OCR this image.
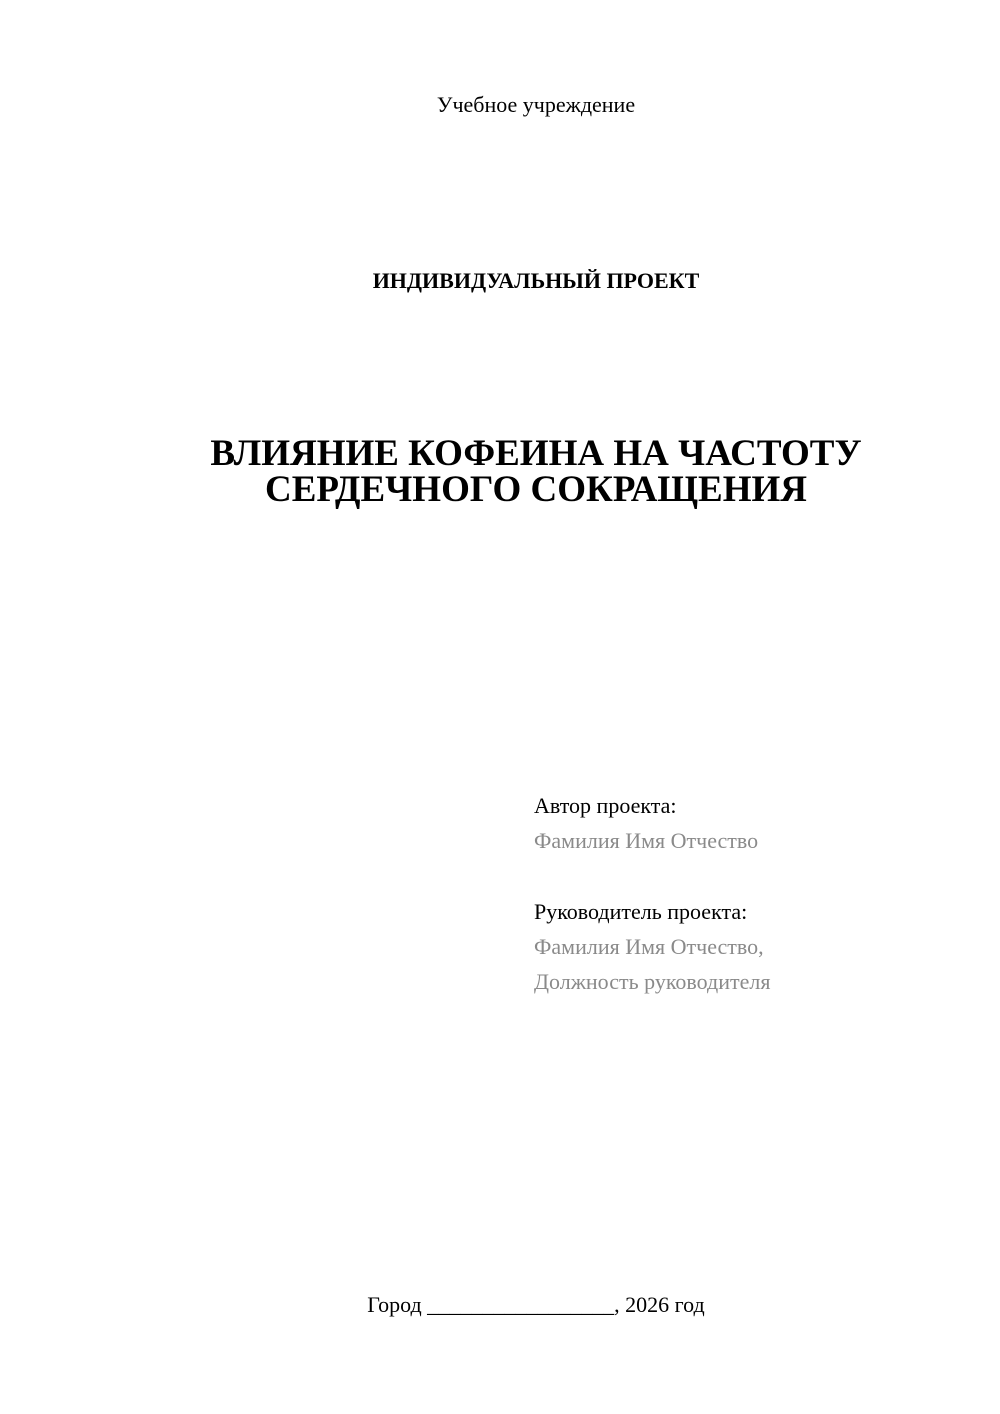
Учебное учреждение
ИНДИВИДУАЛЬНЫЙ ПРОЕКТ
ВЛИЯНИЕ КОФЕИНА НА ЧАСТОТУ
СЕРДЕЧНОГО СОКРАЩЕНИЯ
Автор проекта:
Фамилия Имя Отчество
Руководитель проекта:
Фамилия Имя Отчество,
Должность руководителя
Город _________________, 2026 год
